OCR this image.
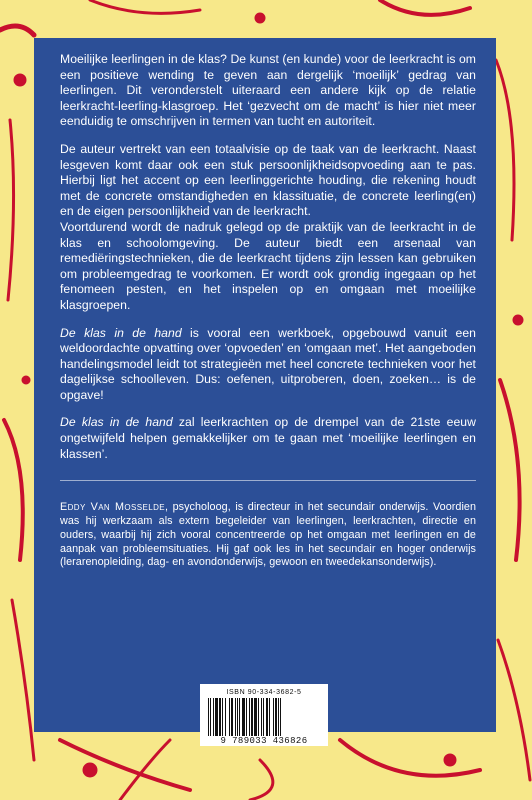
Moeilijke leerlingen in de klas? De kunst (en kunde) voor de leerkracht is om een positieve wending te geven aan dergelijk ‘moeilijk’ gedrag van leerlingen. Dit veronderstelt uiteraard een andere kijk op de relatie leerkracht-leerling-klasgroep. Het ‘gezvecht om de macht’ is hier niet meer eenduidig te omschrijven in termen van tucht en autoriteit.

De auteur vertrekt van een totaalvisie op de taak van de leerkracht. Naast lesgeven komt daar ook een stuk persoonlijkheidsopvoeding aan te pas. Hierbij ligt het accent op een leerlinggerichte houding, die rekening houdt met de concrete omstandigheden en klassituatie, de concrete leerling(en) en de eigen persoonlijkheid van de leerkracht.

Voortdurend wordt de nadruk gelegd op de praktijk van de leerkracht in de klas en schoolomgeving. De auteur biedt een arsenaal van remediëringstechnieken, die de leerkracht tijdens zijn lessen kan gebruiken om probleemgedrag te voorkomen. Er wordt ook grondig ingegaan op het fenomeen pesten, en het inspelen op en omgaan met moeilijke klasgroepen.

De klas in de hand is vooral een werkboek, opgebouwd vanuit een weldoordachte opvatting over ‘opvoeden’ en ‘omgaan met’. Het aangeboden handelingsmodel leidt tot strategieën met heel concrete technieken voor het dagelijkse schoolleven. Dus: oefenen, uitproberen, doen, zoeken… is de opgave!

De klas in de hand zal leerkrachten op de drempel van de 21ste eeuw ongetwijfeld helpen gemakkelijker om te gaan met ‘moeilijke leerlingen en klassen’.

Eddy Van Mosselde, psycholoog, is directeur in het secundair onderwijs. Voordien was hij werkzaam als extern begeleider van leerlingen, leerkrachten, directie en ouders, waarbij hij zich vooral concentreerde op het omgaan met leerlingen en de aanpak van probleemsituaties. Hij gaf ook les in het secundair en hoger onderwijs (lerarenopleiding, dag- en avondonderwijs, gewoon en tweedekansonderwijs).

ISBN 90-334-3682-5
9 789033 436826
